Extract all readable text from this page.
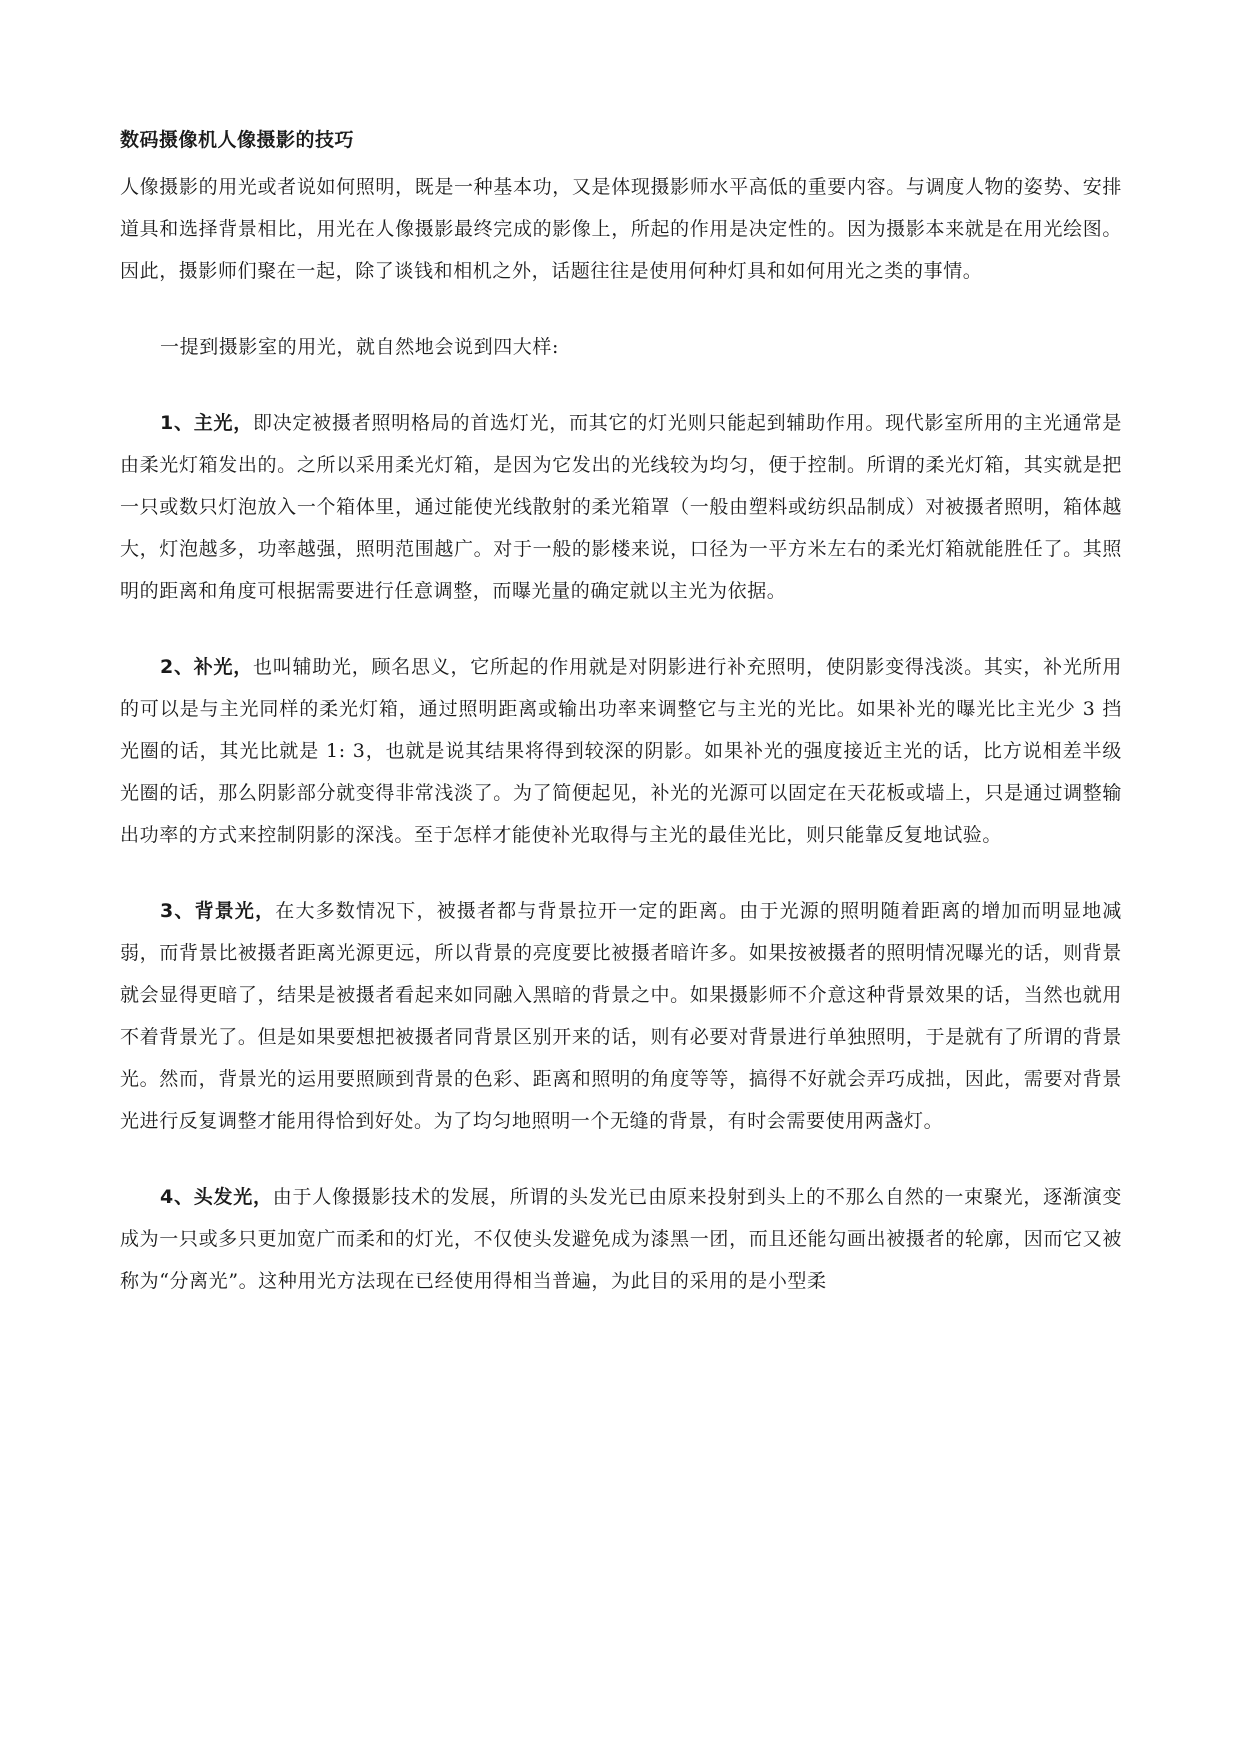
数码摄像机人像摄影的技巧

人像摄影的用光或者说如何照明，既是一种基本功，又是体现摄影师水平高低的重要内容。与调度人物的姿势、安排道具和选择背景相比，用光在人像摄影最终完成的影像上，所起的作用是决定性的。因为摄影本来就是在用光绘图。因此，摄影师们聚在一起，除了谈钱和相机之外，话题往往是使用何种灯具和如何用光之类的事情。

一提到摄影室的用光，就自然地会说到四大样:

1、主光，即决定被摄者照明格局的首选灯光，而其它的灯光则只能起到辅助作用。现代影室所用的主光通常是由柔光灯箱发出的。之所以采用柔光灯箱，是因为它发出的光线较为均匀，便于控制。所谓的柔光灯箱，其实就是把一只或数只灯泡放入一个箱体里，通过能使光线散射的柔光箱罩（一般由塑料或纺织品制成）对被摄者照明，箱体越大，灯泡越多，功率越强，照明范围越广。对于一般的影楼来说，口径为一平方米左右的柔光灯箱就能胜任了。其照明的距离和角度可根据需要进行任意调整，而曝光量的确定就以主光为依据。

2、补光，也叫辅助光，顾名思义，它所起的作用就是对阴影进行补充照明，使阴影变得浅淡。其实，补光所用的可以是与主光同样的柔光灯箱，通过照明距离或输出功率来调整它与主光的光比。如果补光的曝光比主光少 3 挡光圈的话，其光比就是 1: 3，也就是说其结果将得到较深的阴影。如果补光的强度接近主光的话，比方说相差半级光圈的话，那么阴影部分就变得非常浅淡了。为了简便起见，补光的光源可以固定在天花板或墙上，只是通过调整输出功率的方式来控制阴影的深浅。至于怎样才能使补光取得与主光的最佳光比，则只能靠反复地试验。

3、背景光，在大多数情况下，被摄者都与背景拉开一定的距离。由于光源的照明随着距离的增加而明显地减弱，而背景比被摄者距离光源更远，所以背景的亮度要比被摄者暗许多。如果按被摄者的照明情况曝光的话，则背景就会显得更暗了，结果是被摄者看起来如同融入黑暗的背景之中。如果摄影师不介意这种背景效果的话，当然也就用不着背景光了。但是如果要想把被摄者同背景区别开来的话，则有必要对背景进行单独照明，于是就有了所谓的背景光。然而，背景光的运用要照顾到背景的色彩、距离和照明的角度等等，搞得不好就会弄巧成拙，因此，需要对背景光进行反复调整才能用得恰到好处。为了均匀地照明一个无缝的背景，有时会需要使用两盏灯。

4、头发光，由于人像摄影技术的发展，所谓的头发光已由原来投射到头上的不那么自然的一束聚光，逐渐演变成为一只或多只更加宽广而柔和的灯光，不仅使头发避免成为漆黑一团，而且还能勾画出被摄者的轮廓，因而它又被称为“分离光”。这种用光方法现在已经使用得相当普遍，为此目的采用的是小型柔
